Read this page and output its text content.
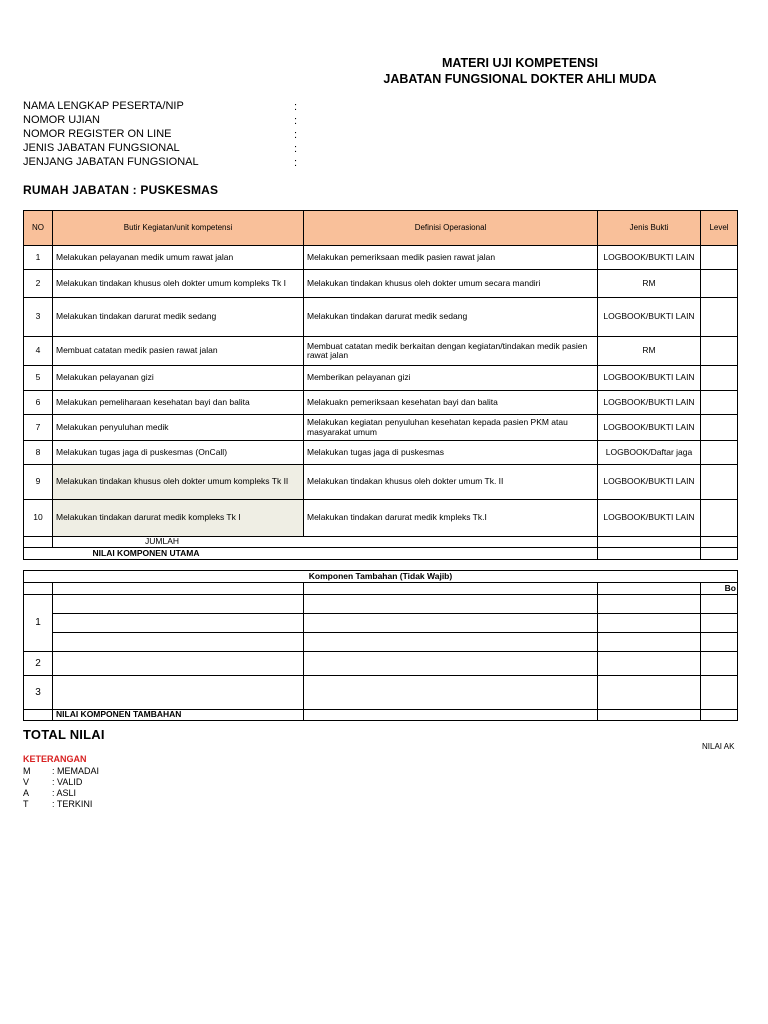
MATERI UJI KOMPETENSI
JABATAN FUNGSIONAL DOKTER AHLI MUDA
NAMA LENGKAP PESERTA/NIP	:
NOMOR UJIAN	:
NOMOR REGISTER ON LINE	:
JENIS JABATAN FUNGSIONAL	:
JENJANG JABATAN FUNGSIONAL	:
RUMAH JABATAN : PUSKESMAS
NO	Butir Kegiatan/unit kompetensi	Definisi Operasional	Jenis Bukti	Level
1	Melakukan pelayanan medik umum rawat jalan	Melakukan pemeriksaan medik pasien rawat jalan	LOGBOOK/BUKTI LAIN	
2	Melakukan tindakan khusus oleh dokter umum kompleks Tk I	Melakukan tindakan khusus oleh dokter umum secara mandiri	RM	
3	Melakukan tindakan darurat medik sedang	Melakukan tindakan darurat medik sedang	LOGBOOK/BUKTI LAIN	
4	Membuat catatan medik pasien rawat jalan	Membuat catatan medik berkaitan dengan kegiatan/tindakan medik pasien rawat jalan	RM	
5	Melakukan pelayanan gizi	Memberikan pelayanan gizi	LOGBOOK/BUKTI LAIN	
6	Melakukan pemeliharaan kesehatan bayi dan balita	Melakuakn pemeriksaan kesehatan bayi dan balita	LOGBOOK/BUKTI LAIN	
7	Melakukan penyuluhan medik	Melakukan kegiatan penyuluhan kesehatan kepada pasien PKM atau masyarakat umum	LOGBOOK/BUKTI LAIN	
8	Melakukan tugas jaga di puskesmas (OnCall)	Melakukan tugas jaga di puskesmas	LOGBOOK/Daftar jaga	
9	Melakukan tindakan khusus oleh dokter umum kompleks Tk II	Melakukan tindakan khusus oleh dokter umum Tk. II	LOGBOOK/BUKTI LAIN	
10	Melakukan tindakan darurat medik kompleks Tk I	Melakukan tindakan darurat medik kmpleks Tk.I	LOGBOOK/BUKTI LAIN	
	JUMLAH			
	NILAI KOMPONEN UTAMA			
Komponen Tambahan (Tidak Wajib)				
				Bo
1				

2				
3				
	NILAI KOMPONEN TAMBAHAN			
TOTAL NILAI
NILAI AK
KETERANGAN
M : MEMADAI
V	: VALID
A	: ASLI
T	: TERKINI
